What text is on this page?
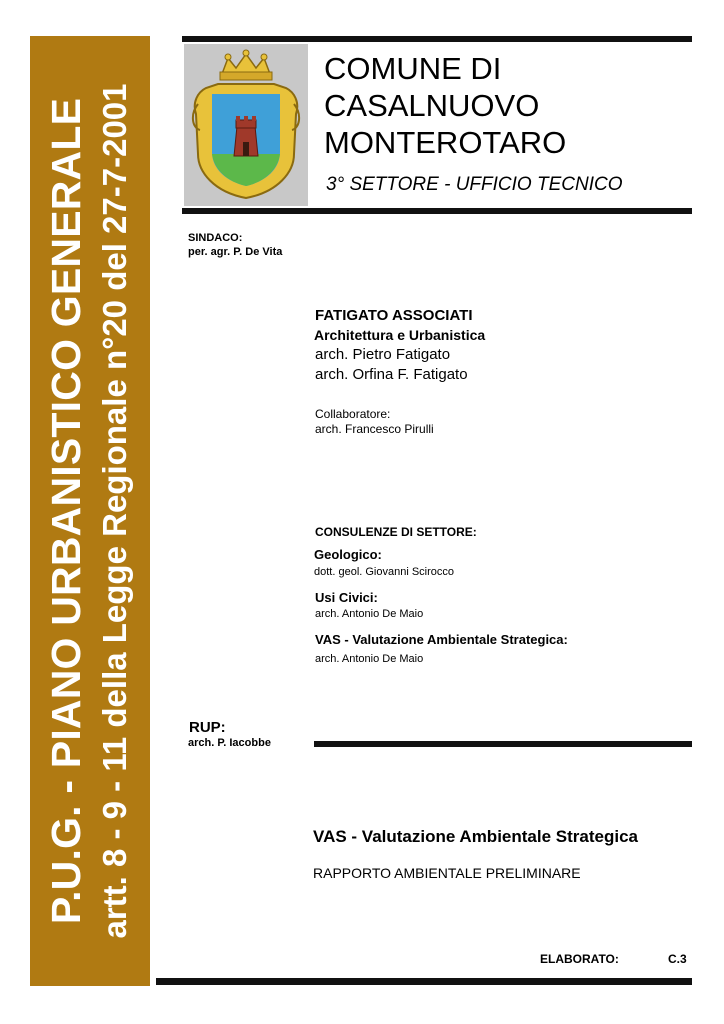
P.U.G. - PIANO URBANISTICO GENERALE artt. 8 - 9 - 11 della Legge Regionale n°20 del 27-7-2001
COMUNE DI
CASALNUOVO
MONTEROTARO
3° SETTORE - UFFICIO TECNICO
SINDACO:
per. agr. P. De Vita
FATIGATO ASSOCIATI
Architettura e Urbanistica
arch. Pietro Fatigato
arch. Orfina F. Fatigato
Collaboratore:
arch. Francesco Pirulli
CONSULENZE DI SETTORE:
Geologico:
dott. geol. Giovanni Scirocco
Usi Civici:
arch. Antonio De Maio
VAS - Valutazione Ambientale Strategica:
arch. Antonio De Maio
RUP:
arch. P. Iacobbe
VAS - Valutazione Ambientale Strategica
RAPPORTO AMBIENTALE PRELIMINARE
ELABORATO:	C.3
